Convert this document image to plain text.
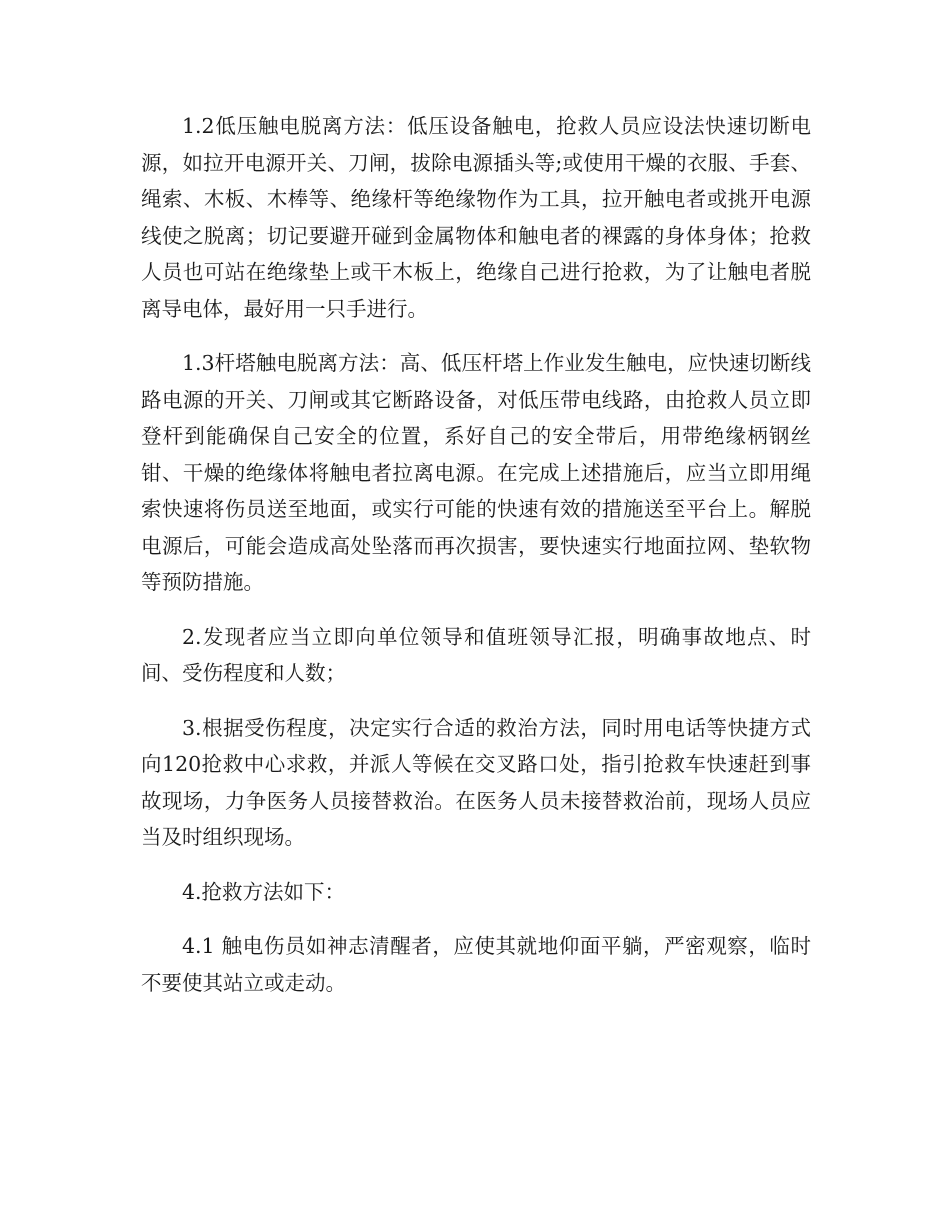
1.2低压触电脱离方法：低压设备触电，抢救人员应设法快速切断电源，如拉开电源开关、刀闸，拔除电源插头等;或使用干燥的衣服、手套、绳索、木板、木棒等、绝缘杆等绝缘物作为工具，拉开触电者或挑开电源线使之脱离；切记要避开碰到金属物体和触电者的裸露的身体身体；抢救人员也可站在绝缘垫上或干木板上，绝缘自己进行抢救，为了让触电者脱离导电体，最好用一只手进行。

1.3杆塔触电脱离方法：高、低压杆塔上作业发生触电，应快速切断线路电源的开关、刀闸或其它断路设备，对低压带电线路，由抢救人员立即登杆到能确保自己安全的位置，系好自己的安全带后，用带绝缘柄钢丝钳、干燥的绝缘体将触电者拉离电源。在完成上述措施后，应当立即用绳索快速将伤员送至地面，或实行可能的快速有效的措施送至平台上。解脱电源后，可能会造成高处坠落而再次损害，要快速实行地面拉网、垫软物等预防措施。

2.发现者应当立即向单位领导和值班领导汇报，明确事故地点、时间、受伤程度和人数；

3.根据受伤程度，决定实行合适的救治方法，同时用电话等快捷方式向120抢救中心求救，并派人等候在交叉路口处，指引抢救车快速赶到事故现场，力争医务人员接替救治。在医务人员未接替救治前，现场人员应当及时组织现场。

4.抢救方法如下：

4.1 触电伤员如神志清醒者，应使其就地仰面平躺，严密观察，临时不要使其站立或走动。
